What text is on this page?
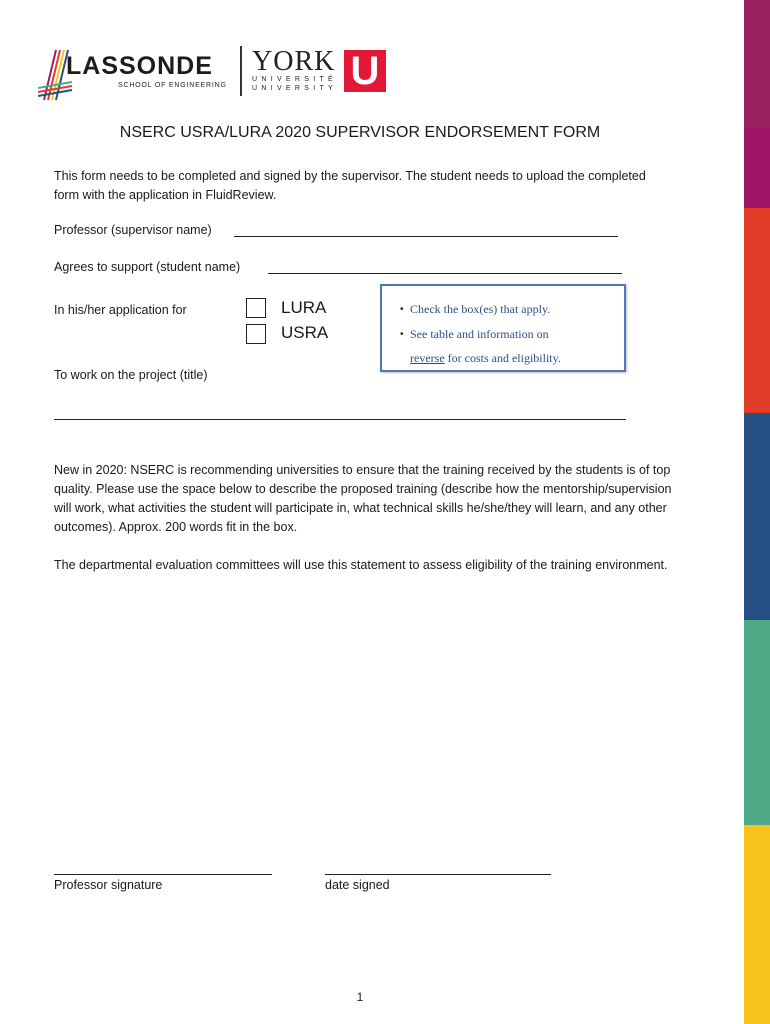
LASSONDE
SCHOOL OF ENGINEERING
YORK
UNIVERSITÉ
UNIVERSITY U
NSERC USRA/LURA 2020 SUPERVISOR ENDORSEMENT FORM
This form needs to be completed and signed by the supervisor. The student needs to upload the completed form with the application in FluidReview.
Professor (supervisor name)
Agrees to support (student name)
In his/her application for	LURA
USRA
• Check the box(es) that apply.
• See table and information on
reverse for costs and eligibility.
To work on the project (title)
New in 2020: NSERC is recommending universities to ensure that the training received by the students is of top quality. Please use the space below to describe the proposed training (describe how the mentorship/supervision will work, what activities the student will participate in, what technical skills he/she/they will learn, and any other outcomes). Approx. 200 words fit in the box.
The departmental evaluation committees will use this statement to assess eligibility of the training environment.
Professor signature	date signed
1
